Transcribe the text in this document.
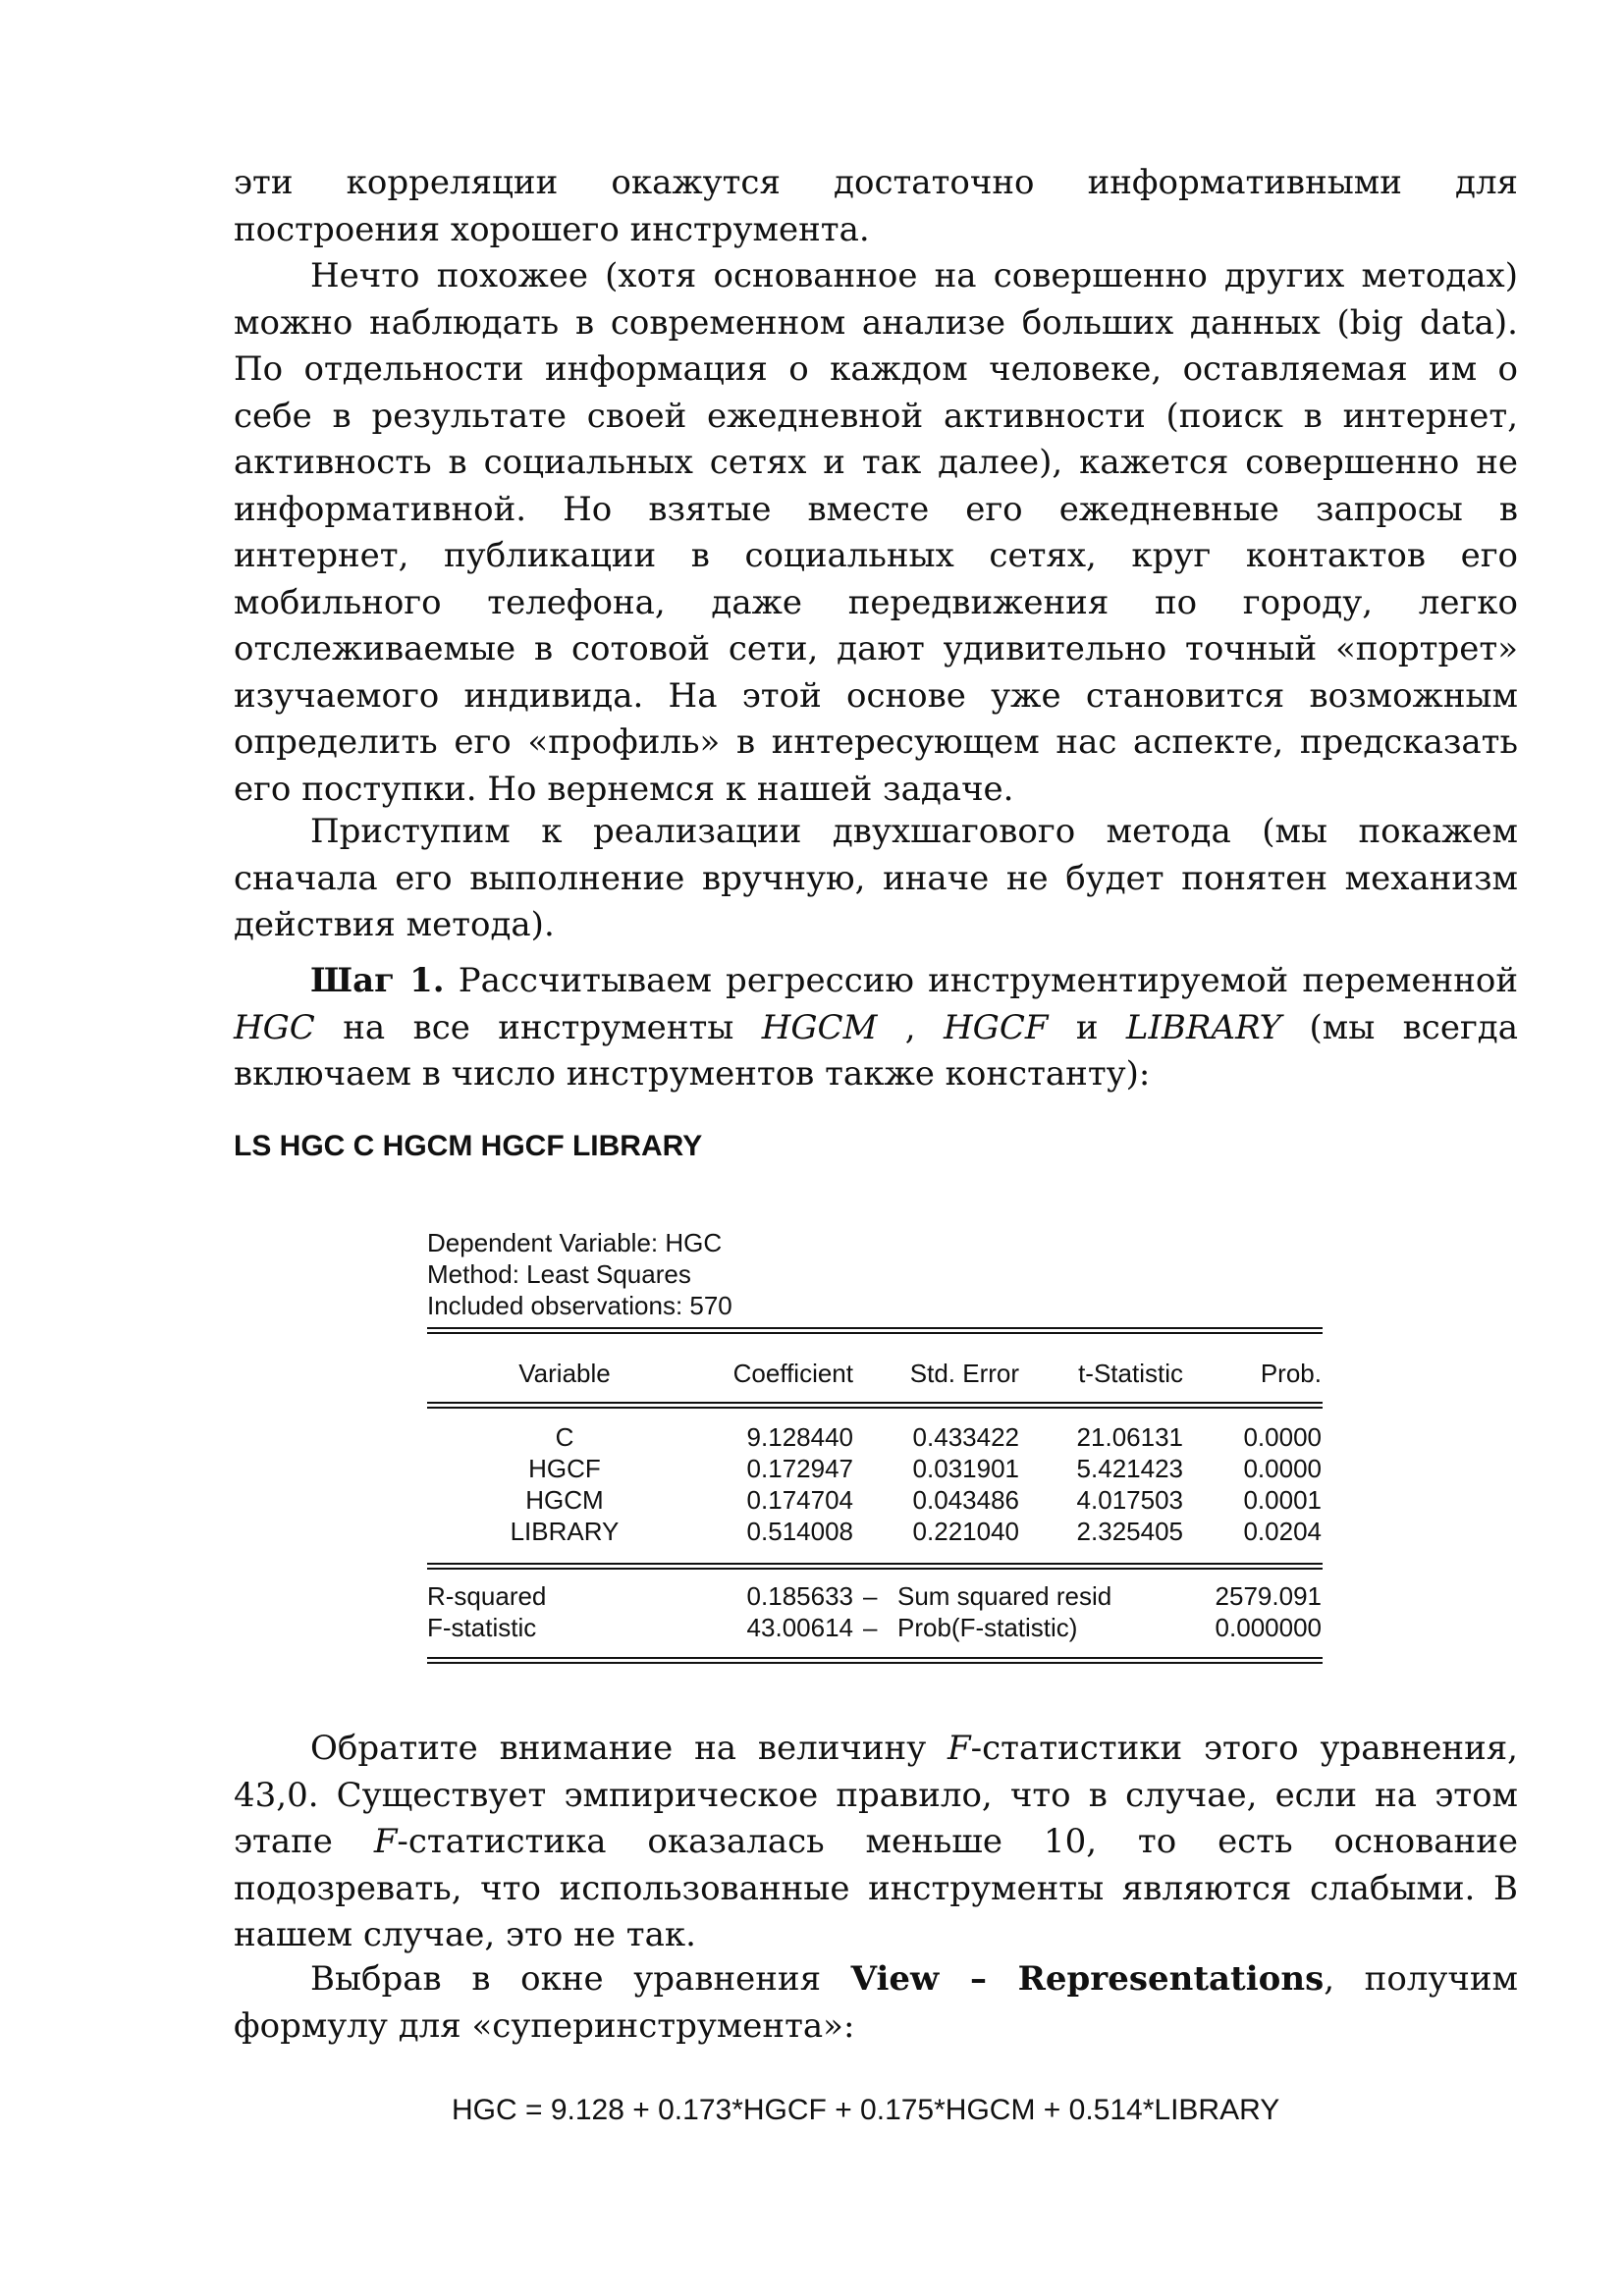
эти корреляции окажутся достаточно информативными для построения хорошего инструмента.

Нечто похожее (хотя основанное на совершенно других методах) можно наблюдать в современном анализе больших данных (big data). По отдельности информация о каждом человеке, оставляемая им о себе в результате своей ежедневной активности (поиск в интернет, активность в социальных сетях и так далее), кажется совершенно не информативной. Но взятые вместе его ежедневные запросы в интернет, публикации в социальных сетях, круг контактов его мобильного телефона, даже передвижения по городу, легко отслеживаемые в сотовой сети, дают удивительно точный «портрет» изучаемого индивида. На этой основе уже становится возможным определить его «профиль» в интересующем нас аспекте, предсказать его поступки. Но вернемся к нашей задаче.

Приступим к реализации двухшагового метода (мы покажем сначала его выполнение вручную, иначе не будет понятен механизм действия метода).

Шаг 1. Рассчитываем регрессию инструментируемой переменной HGC на все инструменты HGCM , HGCF и LIBRARY (мы всегда включаем в число инструментов также константу):

LS HGC C HGCM HGCF LIBRARY
Dependent Variable: HGC
Method: Least Squares
Included observations: 570
Variable	Coefficient	Std. Error	t-Statistic	Prob.
C	9.128440	0.433422	21.06131	0.0000
HGCF	0.172947	0.031901	5.421423	0.0000
HGCM	0.174704	0.043486	4.017503	0.0001
LIBRARY	0.514008	0.221040	2.325405	0.0204
R-squared	0.185633 – Sum squared resid	2579.091
F-statistic	43.00614 – Prob(F-statistic)	0.000000

Обратите внимание на величину F-статистики этого уравнения, 43,0. Существует эмпирическое правило, что в случае, если на этом этапе F-статистика оказалась меньше 10, то есть основание подозревать, что использованные инструменты являются слабыми. В нашем случае, это не так.

Выбрав в окне уравнения View – Representations, получим формулу для «суперинструмента»:

HGC = 9.128 + 0.173*HGCF + 0.175*HGCM + 0.514*LIBRARY
